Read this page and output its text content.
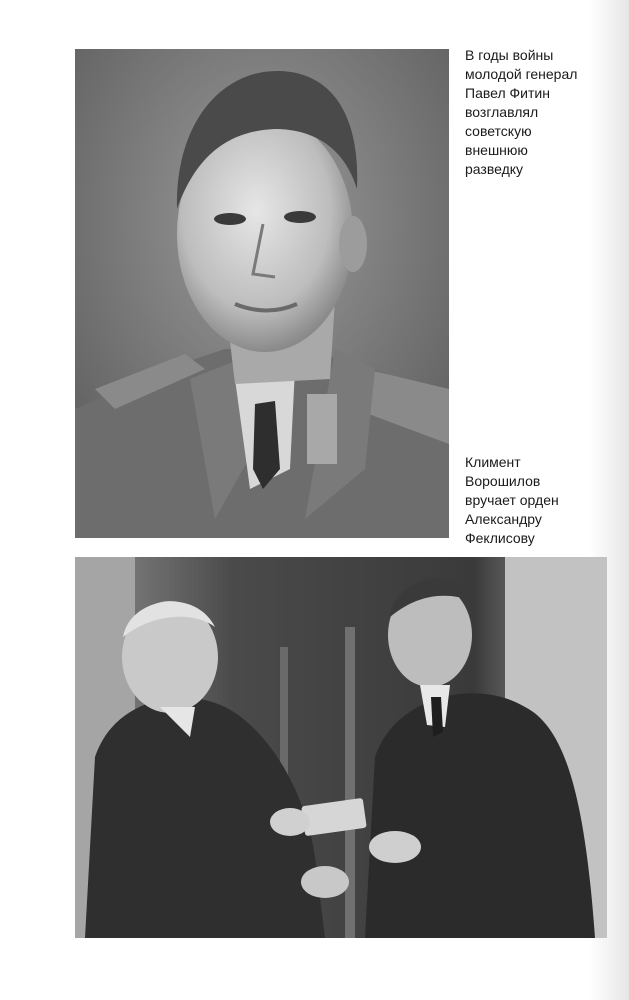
В годы войны
молодой генерал
Павел Фитин
возглавлял
советскую
внешнюю
разведку
Климент
Ворошилов
вручает орден
Александру
Феклисову
